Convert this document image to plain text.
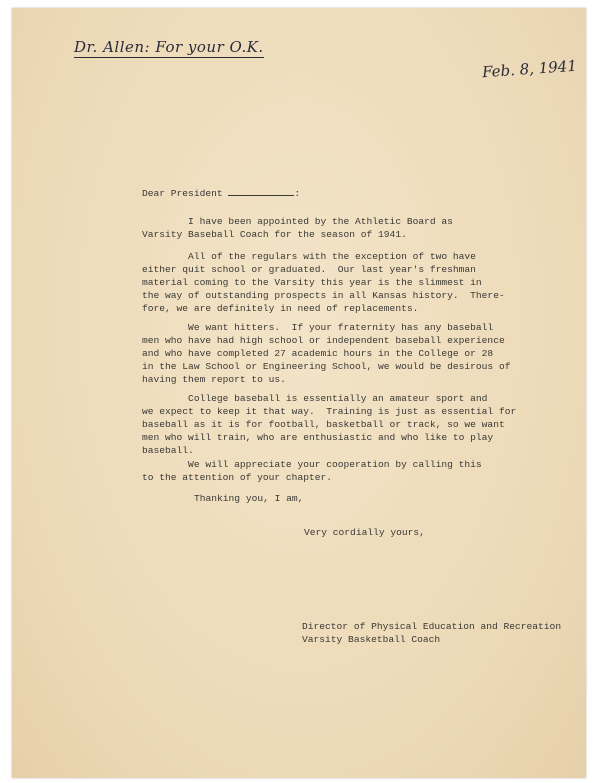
Dr. Allen: For your O.K.
Feb. 8, 1941
Dear President	:
I have been appointed by the Athletic Board as
Varsity Baseball Coach for the season of 1941.
All of the regulars with the exception of two have
either quit school or graduated.  Our last year's freshman
material coming to the Varsity this year is the slimmest in
the way of outstanding prospects in all Kansas history.  There-
fore, we are definitely in need of replacements.
We want hitters.  If your fraternity has any baseball
men who have had high school or independent baseball experience
and who have completed 27 academic hours in the College or 28
in the Law School or Engineering School, we would be desirous of
having them report to us.
College baseball is essentially an amateur sport and
we expect to keep it that way.  Training is just as essential for
baseball as it is for football, basketball or track, so we want
men who will train, who are enthusiastic and who like to play
baseball.
We will appreciate your cooperation by calling this
to the attention of your chapter.
Thanking you, I am,
Very cordially yours,
Director of Physical Education and Recreation
Varsity Basketball Coach
